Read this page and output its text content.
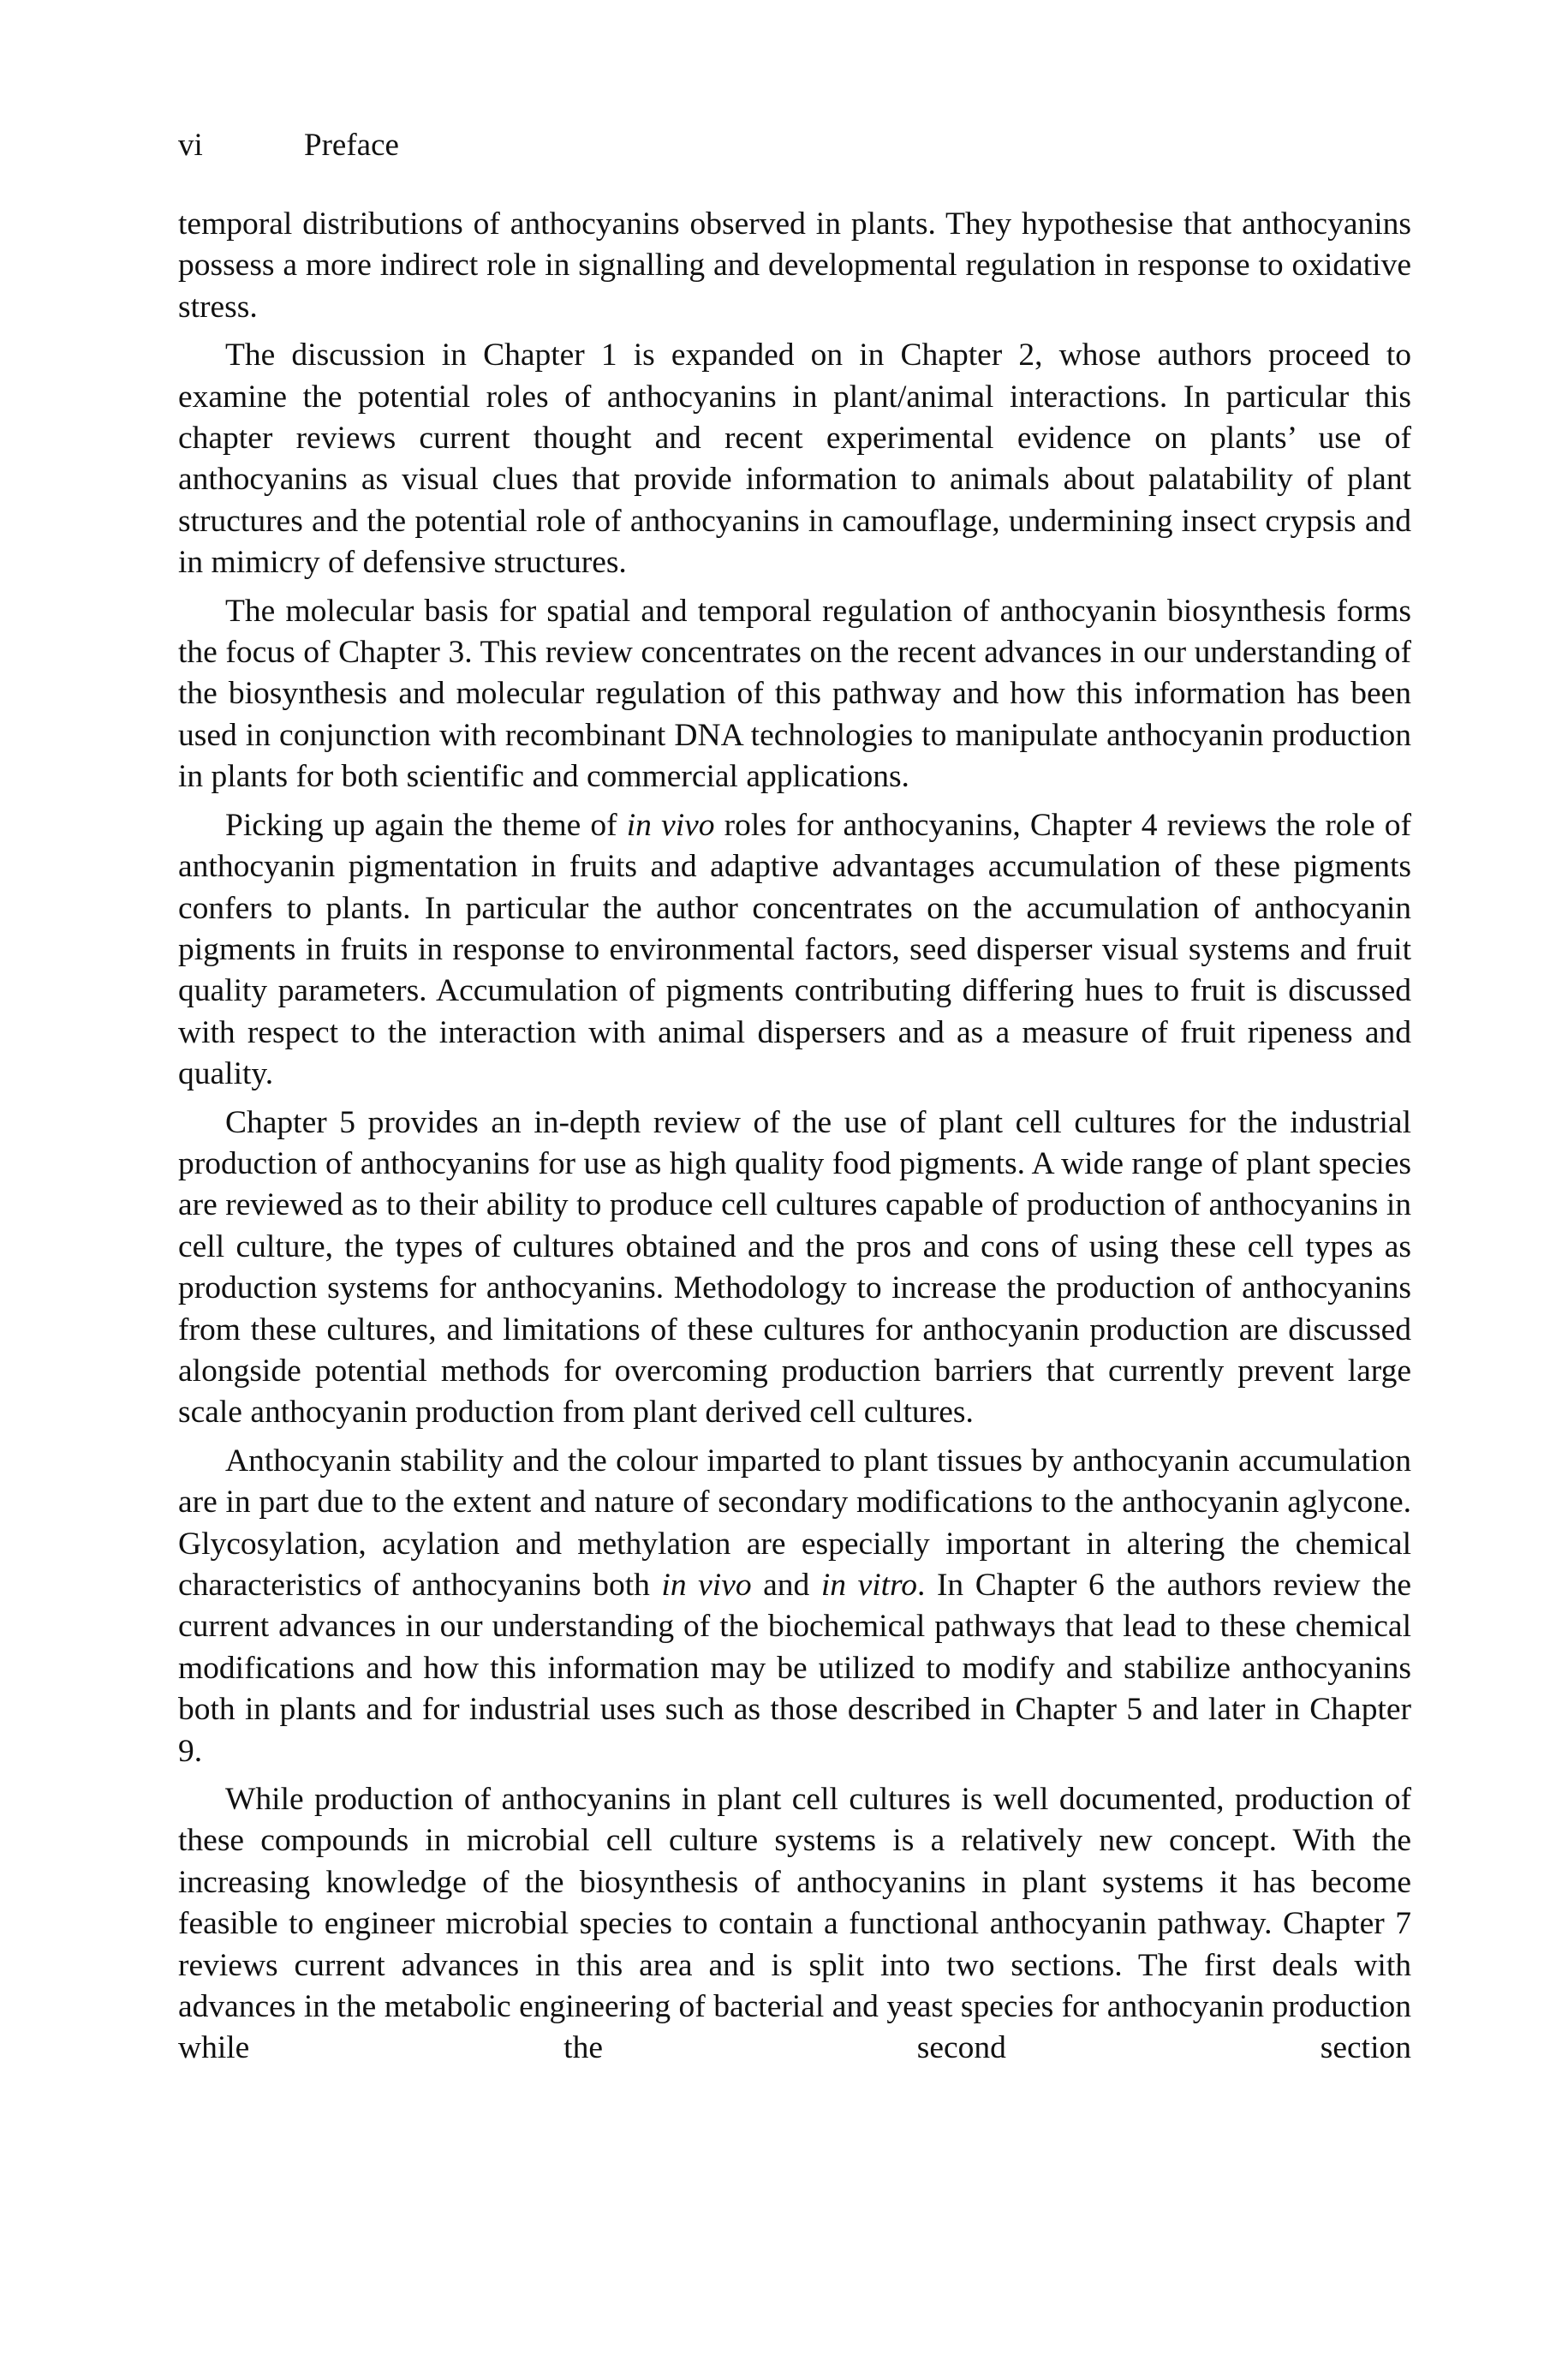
vi	Preface

temporal distributions of anthocyanins observed in plants. They hypothesise that anthocyanins possess a more indirect role in signalling and developmental regulation in response to oxidative stress.

The discussion in Chapter 1 is expanded on in Chapter 2, whose authors proceed to examine the potential roles of anthocyanins in plant/animal interactions. In particular this chapter reviews current thought and recent experimental evidence on plants’ use of anthocyanins as visual clues that provide information to animals about palatability of plant structures and the potential role of anthocyanins in camouflage, undermining insect crypsis and in mimicry of defensive structures.

The molecular basis for spatial and temporal regulation of anthocyanin biosynthesis forms the focus of Chapter 3. This review concentrates on the recent advances in our understanding of the biosynthesis and molecular regulation of this pathway and how this information has been used in conjunction with recombinant DNA technologies to manipulate anthocyanin production in plants for both scientific and commercial applications.

Picking up again the theme of in vivo roles for anthocyanins, Chapter 4 reviews the role of anthocyanin pigmentation in fruits and adaptive advantages accumulation of these pigments confers to plants. In particular the author concentrates on the accumulation of anthocyanin pigments in fruits in response to environmental factors, seed disperser visual systems and fruit quality parameters. Accumulation of pigments contributing differing hues to fruit is discussed with respect to the interaction with animal dispersers and as a measure of fruit ripeness and quality.

Chapter 5 provides an in-depth review of the use of plant cell cultures for the industrial production of anthocyanins for use as high quality food pigments. A wide range of plant species are reviewed as to their ability to produce cell cultures capable of production of anthocyanins in cell culture, the types of cultures obtained and the pros and cons of using these cell types as production systems for anthocyanins. Methodology to increase the production of anthocyanins from these cultures, and limitations of these cultures for anthocyanin production are discussed alongside potential methods for overcoming production barriers that currently prevent large scale anthocyanin production from plant derived cell cultures.

Anthocyanin stability and the colour imparted to plant tissues by anthocyanin accumulation are in part due to the extent and nature of secondary modifications to the anthocyanin aglycone. Glycosylation, acylation and methylation are especially important in altering the chemical characteristics of anthocyanins both in vivo and in vitro. In Chapter 6 the authors review the current advances in our understanding of the biochemical pathways that lead to these chemical modifications and how this information may be utilized to modify and stabilize anthocyanins both in plants and for industrial uses such as those described in Chapter 5 and later in Chapter 9.

While production of anthocyanins in plant cell cultures is well documented, production of these compounds in microbial cell culture systems is a relatively new concept. With the increasing knowledge of the biosynthesis of anthocyanins in plant systems it has become feasible to engineer microbial species to contain a functional anthocyanin pathway. Chapter 7 reviews current advances in this area and is split into two sections. The first deals with advances in the metabolic engineering of bacterial and yeast species for anthocyanin production while the second section
